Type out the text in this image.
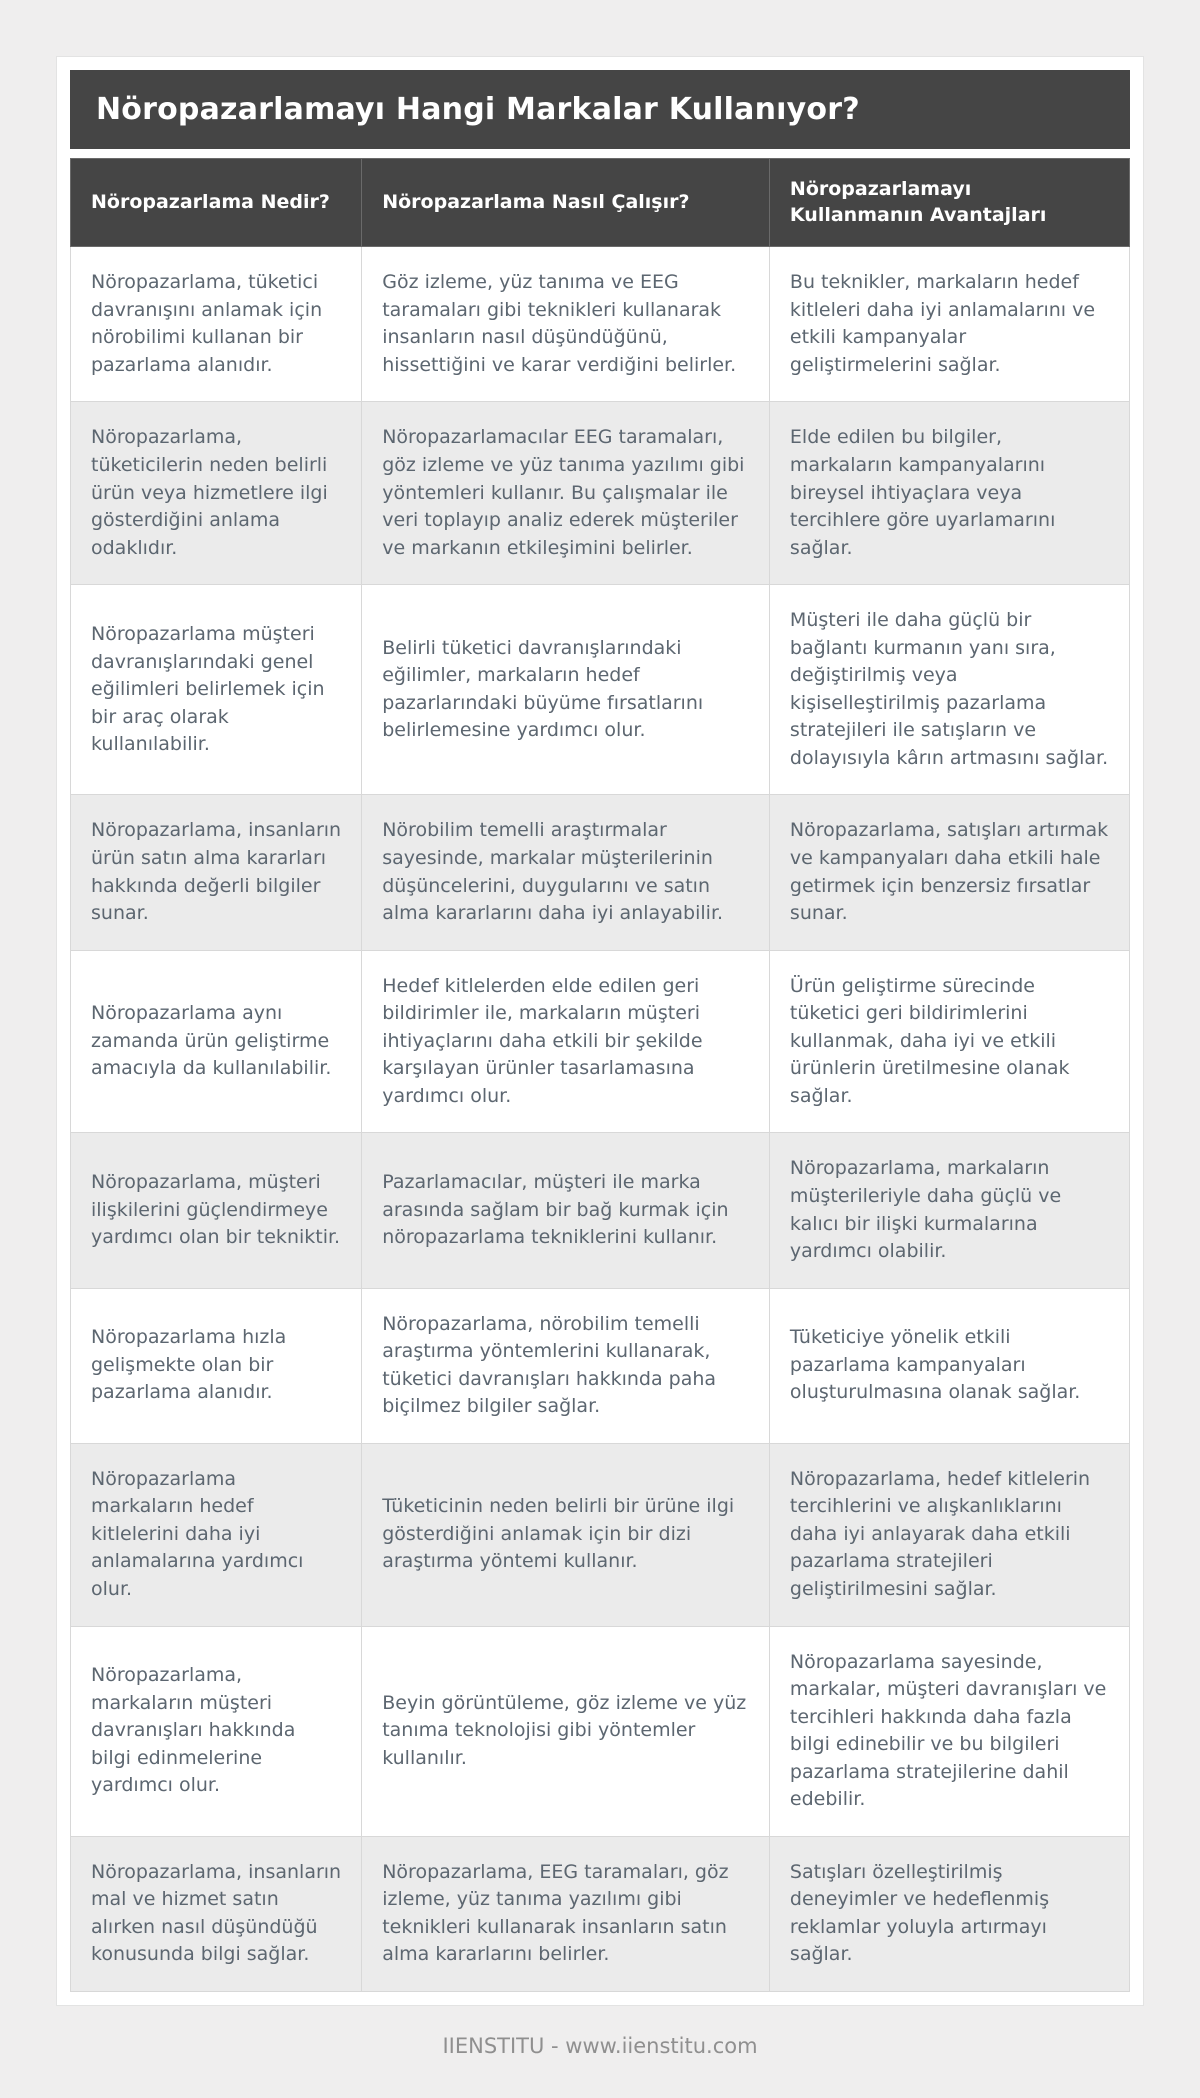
Nöropazarlamayı Hangi Markalar Kullanıyor?
Nöropazarlama Nedir?	Nöropazarlama Nasıl Çalışır?	Nöropazarlamayı Kullanmanın Avantajları
Nöropazarlama, tüketici davranışını anlamak için nörobilimi kullanan bir pazarlama alanıdır.	Göz izleme, yüz tanıma ve EEG taramaları gibi teknikleri kullanarak insanların nasıl düşündüğünü, hissettiğini ve karar verdiğini belirler.	Bu teknikler, markaların hedef kitleleri daha iyi anlamalarını ve etkili kampanyalar geliştirmelerini sağlar.
Nöropazarlama, tüketicilerin neden belirli ürün veya hizmetlere ilgi gösterdiğini anlama odaklıdır.	Nöropazarlamacılar EEG taramaları, göz izleme ve yüz tanıma yazılımı gibi yöntemleri kullanır. Bu çalışmalar ile veri toplayıp analiz ederek müşteriler ve markanın etkileşimini belirler.	Elde edilen bu bilgiler, markaların kampanyalarını bireysel ihtiyaçlara veya tercihlere göre uyarlamarını sağlar.
Nöropazarlama müşteri davranışlarındaki genel eğilimleri belirlemek için bir araç olarak kullanılabilir.	Belirli tüketici davranışlarındaki eğilimler, markaların hedef pazarlarındaki büyüme fırsatlarını belirlemesine yardımcı olur.	Müşteri ile daha güçlü bir bağlantı kurmanın yanı sıra, değiştirilmiş veya kişiselleştirilmiş pazarlama stratejileri ile satışların ve dolayısıyla kârın artmasını sağlar.
Nöropazarlama, insanların ürün satın alma kararları hakkında değerli bilgiler sunar.	Nörobilim temelli araştırmalar sayesinde, markalar müşterilerinin düşüncelerini, duygularını ve satın alma kararlarını daha iyi anlayabilir.	Nöropazarlama, satışları artırmak ve kampanyaları daha etkili hale getirmek için benzersiz fırsatlar sunar.
Nöropazarlama aynı zamanda ürün geliştirme amacıyla da kullanılabilir.	Hedef kitlelerden elde edilen geri bildirimler ile, markaların müşteri ihtiyaçlarını daha etkili bir şekilde karşılayan ürünler tasarlamasına yardımcı olur.	Ürün geliştirme sürecinde tüketici geri bildirimlerini kullanmak, daha iyi ve etkili ürünlerin üretilmesine olanak sağlar.
Nöropazarlama, müşteri ilişkilerini güçlendirmeye yardımcı olan bir tekniktir.	Pazarlamacılar, müşteri ile marka arasında sağlam bir bağ kurmak için nöropazarlama tekniklerini kullanır.	Nöropazarlama, markaların müşterileriyle daha güçlü ve kalıcı bir ilişki kurmalarına yardımcı olabilir.
Nöropazarlama hızla gelişmekte olan bir pazarlama alanıdır.	Nöropazarlama, nörobilim temelli araştırma yöntemlerini kullanarak, tüketici davranışları hakkında paha biçilmez bilgiler sağlar.	Tüketiciye yönelik etkili pazarlama kampanyaları oluşturulmasına olanak sağlar.
Nöropazarlama markaların hedef kitlelerini daha iyi anlamalarına yardımcı olur.	Tüketicinin neden belirli bir ürüne ilgi gösterdiğini anlamak için bir dizi araştırma yöntemi kullanır.	Nöropazarlama, hedef kitlelerin tercihlerini ve alışkanlıklarını daha iyi anlayarak daha etkili pazarlama stratejileri geliştirilmesini sağlar.
Nöropazarlama, markaların müşteri davranışları hakkında bilgi edinmelerine yardımcı olur.	Beyin görüntüleme, göz izleme ve yüz tanıma teknolojisi gibi yöntemler kullanılır.	Nöropazarlama sayesinde, markalar, müşteri davranışları ve tercihleri hakkında daha fazla bilgi edinebilir ve bu bilgileri pazarlama stratejilerine dahil edebilir.
Nöropazarlama, insanların mal ve hizmet satın alırken nasıl düşündüğü konusunda bilgi sağlar.	Nöropazarlama, EEG taramaları, göz izleme, yüz tanıma yazılımı gibi teknikleri kullanarak insanların satın alma kararlarını belirler.	Satışları özelleştirilmiş deneyimler ve hedeflenmiş reklamlar yoluyla artırmayı sağlar.
IIENSTITU - www.iienstitu.com
